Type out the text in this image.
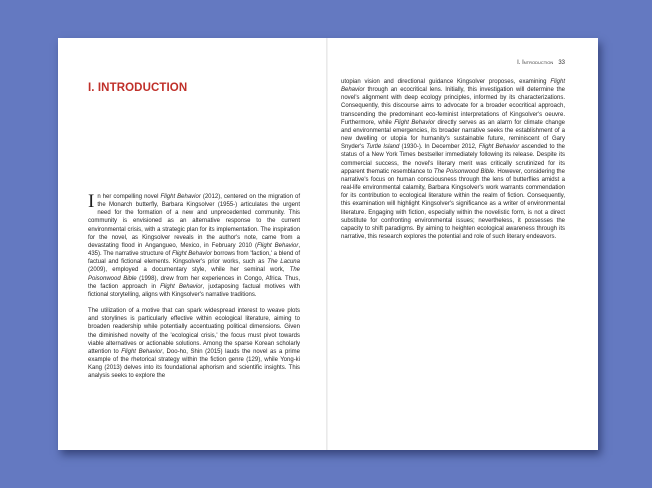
I. INTRODUCTION

In her compelling novel Flight Behavior (2012), centered on the migration of the Monarch butterfly, Barbara Kingsolver (1955-) articulates the urgent need for the formation of a new and unprecedented community. This community is envisioned as an alternative response to the current environmental crisis, with a strategic plan for its implementation. The inspiration for the novel, as Kingsolver reveals in the author's note, came from a devastating flood in Angangueo, Mexico, in February 2010 (Flight Behavior, 435). The narrative structure of Flight Behavior borrows from 'faction,' a blend of factual and fictional elements. Kingsolver's prior works, such as The Lacuna (2009), employed a documentary style, while her seminal work, The Poisonwood Bible (1998), drew from her experiences in Congo, Africa. Thus, the faction approach in Flight Behavior, juxtaposing factual motives with fictional storytelling, aligns with Kingsolver's narrative traditions.

The utilization of a motive that can spark widespread interest to weave plots and storylines is particularly effective within ecological literature, aiming to broaden readership while potentially accentuating political dimensions. Given the diminished novelty of the 'ecological crisis,' the focus must pivot towards viable alternatives or actionable solutions. Among the sparse Korean scholarly attention to Flight Behavior, Doo-ho, Shin (2015) lauds the novel as a prime example of the rhetorical strategy within the fiction genre (129), while Yong-ki Kang (2013) delves into its foundational aphorism and scientific insights. This analysis seeks to explore the

I. Introduction 33

utopian vision and directional guidance Kingsolver proposes, examining Flight Behavior through an ecocritical lens. Initially, this investigation will determine the novel's alignment with deep ecology principles, informed by its characterizations. Consequently, this discourse aims to advocate for a broader ecocritical approach, transcending the predominant eco-feminist interpretations of Kingsolver's oeuvre. Furthermore, while Flight Behavior directly serves as an alarm for climate change and environmental emergencies, its broader narrative seeks the establishment of a new dwelling or utopia for humanity's sustainable future, reminiscent of Gary Snyder's Turtle Island (1930-). In December 2012, Flight Behavior ascended to the status of a New York Times bestseller immediately following its release. Despite its commercial success, the novel's literary merit was critically scrutinized for its apparent thematic resemblance to The Poisonwood Bible. However, considering the narrative's focus on human consciousness through the lens of butterflies amidst a real-life environmental calamity, Barbara Kingsolver's work warrants commendation for its contribution to ecological literature within the realm of fiction. Consequently, this examination will highlight Kingsolver's significance as a writer of environmental literature. Engaging with fiction, especially within the novelistic form, is not a direct substitute for confronting environmental issues; nevertheless, it possesses the capacity to shift paradigms. By aiming to heighten ecological awareness through its narrative, this research explores the potential and role of such literary endeavors.
